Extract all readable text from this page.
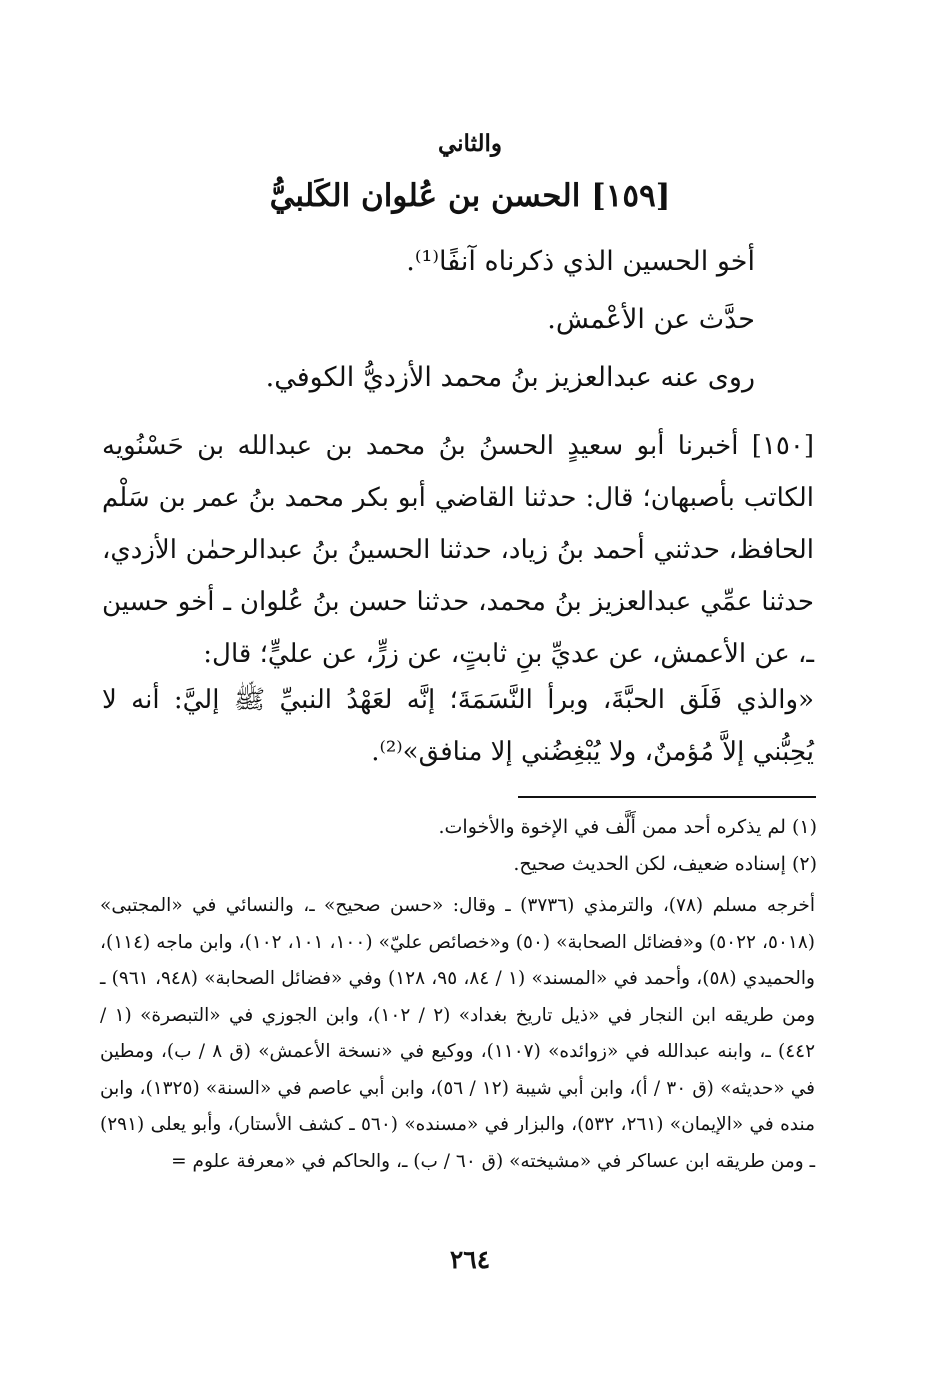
والثاني
[١٥٩] الحسن بن عُلوان الكَلبيُّ
أخو الحسين الذي ذكرناه آنفًا⁽¹⁾.
حدَّث عن الأعْمش.
روى عنه عبدالعزيز بنُ محمد الأزديُّ الكوفي.
[١٥٠] أخبرنا أبو سعيدٍ الحسنُ بنُ محمد بن عبدالله بن حَسْنُويه الكاتب بأصبهان؛ قال: حدثنا القاضي أبو بكر محمد بنُ عمر بن سَلْم الحافظ، حدثني أحمد بنُ زياد، حدثنا الحسينُ بنُ عبدالرحمٰن الأزدي، حدثنا عمِّي عبدالعزيز بنُ محمد، حدثنا حسن بنُ عُلوان ـ أخو حسين ـ، عن الأعمش، عن عديِّ بنِ ثابتٍ، عن زرٍّ، عن عليٍّ؛ قال:
«والذي فَلَق الحبَّةَ، وبرأ النَّسَمَةَ؛ إنَّه لعَهْدُ النبيِّ ﷺ إليَّ: أنه لا يُحِبُّني إلاَّ مُؤمنٌ، ولا يُبْغِضُني إلا منافق»⁽²⁾.
(١) لم يذكره أحد ممن أَلَّف في الإخوة والأخوات.
(٢) إسناده ضعيف، لكن الحديث صحيح.
أخرجه مسلم (٧٨)، والترمذي (٣٧٣٦) ـ وقال: «حسن صحيح» ـ، والنسائي في «المجتبى» (٥٠١٨، ٥٠٢٢) و«فضائل الصحابة» (٥٠) و«خصائص عليّ» (١٠٠، ١٠١، ١٠٢)، وابن ماجه (١١٤)، والحميدي (٥٨)، وأحمد في «المسند» (١ / ٨٤، ٩٥، ١٢٨) وفي «فضائل الصحابة» (٩٤٨، ٩٦١) ـ ومن طريقه ابن النجار في «ذيل تاريخ بغداد» (٢ / ١٠٢)، وابن الجوزي في «التبصرة» (١ / ٤٤٢) ـ، وابنه عبدالله في «زوائده» (١١٠٧)، ووكيع في «نسخة الأعمش» (ق ٨ / ب)، ومطين في «حديثه» (ق ٣٠ / أ)، وابن أبي شيبة (١٢ / ٥٦)، وابن أبي عاصم في «السنة» (١٣٢٥)، وابن منده في «الإيمان» (٢٦١، ٥٣٢)، والبزار في «مسنده» (٥٦٠ ـ كشف الأستار)، وأبو يعلى (٢٩١) ـ ومن طريقه ابن عساكر في «مشيخته» (ق ٦٠ / ب) ـ، والحاكم في «معرفة علوم =
٢٦٤
